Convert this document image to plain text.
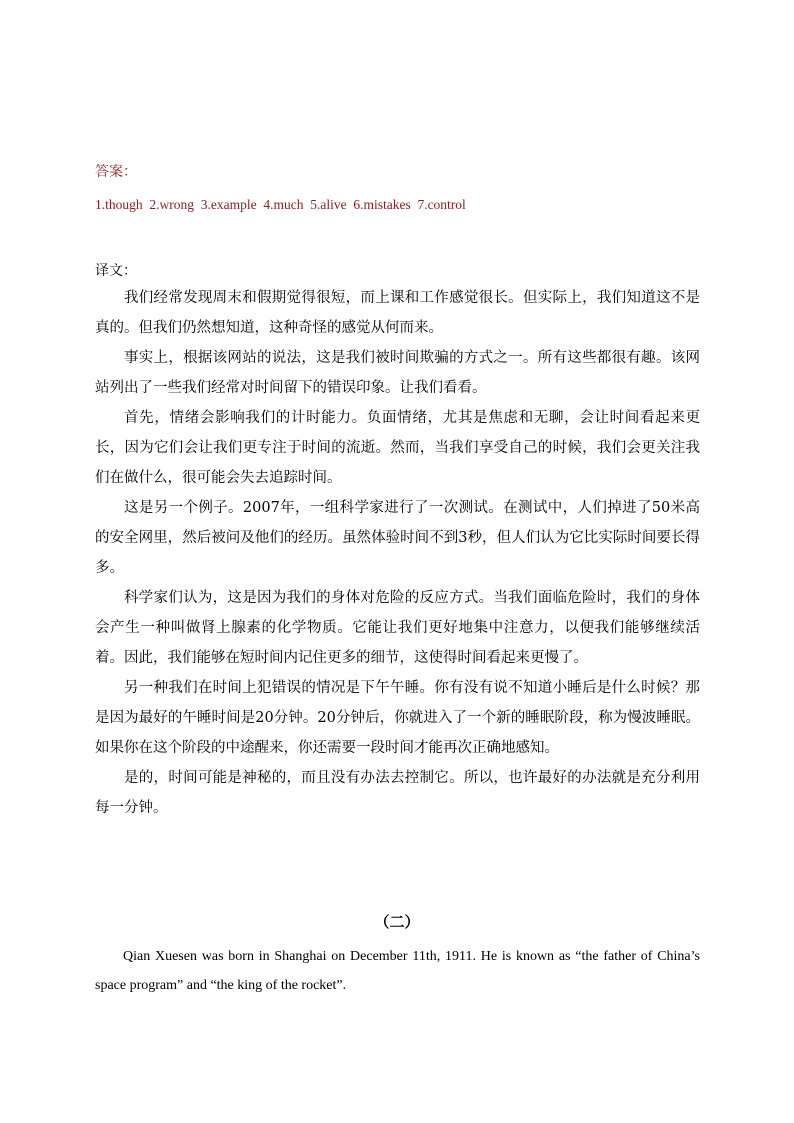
答案：
1.though  2.wrong  3.example  4.much  5.alive  6.mistakes  7.control
译文：

我们经常发现周末和假期觉得很短，而上课和工作感觉很长。但实际上，我们知道这不是真的。但我们仍然想知道，这种奇怪的感觉从何而来。

事实上，根据该网站的说法，这是我们被时间欺骗的方式之一。所有这些都很有趣。该网站列出了一些我们经常对时间留下的错误印象。让我们看看。

首先，情绪会影响我们的计时能力。负面情绪，尤其是焦虑和无聊，会让时间看起来更长，因为它们会让我们更专注于时间的流逝。然而，当我们享受自己的时候，我们会更关注我们在做什么，很可能会失去追踪时间。

这是另一个例子。2007年，一组科学家进行了一次测试。在测试中，人们掉进了50米高的安全网里，然后被问及他们的经历。虽然体验时间不到3秒，但人们认为它比实际时间要长得多。

科学家们认为，这是因为我们的身体对危险的反应方式。当我们面临危险时，我们的身体会产生一种叫做肾上腺素的化学物质。它能让我们更好地集中注意力，以便我们能够继续活着。因此，我们能够在短时间内记住更多的细节，这使得时间看起来更慢了。

另一种我们在时间上犯错误的情况是下午午睡。你有没有说不知道小睡后是什么时候？那是因为最好的午睡时间是20分钟。20分钟后，你就进入了一个新的睡眠阶段，称为慢波睡眠。如果你在这个阶段的中途醒来，你还需要一段时间才能再次正确地感知。

是的，时间可能是神秘的，而且没有办法去控制它。所以，也许最好的办法就是充分利用每一分钟。

（二）
Qian Xuesen was born in Shanghai on December 11th, 1911. He is known as “the father of China’s space program” and “the king of the rocket”.
